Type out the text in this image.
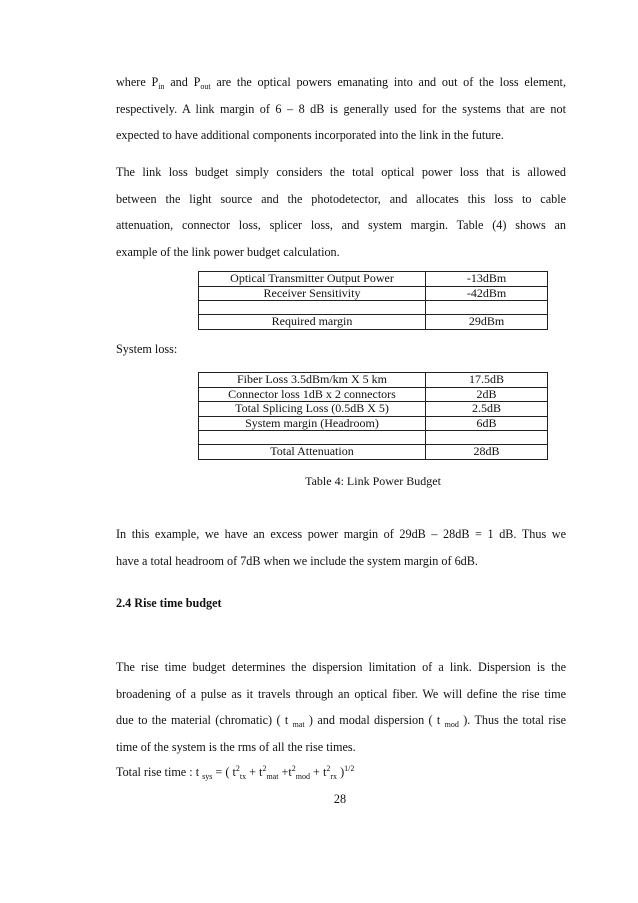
where $P_{in}$ and $P_{out}$ are the optical powers emanating into and out of the loss element,
respectively. A link margin of 6 – 8 dB is generally used for the systems that are not
expected to have additional components incorporated into the link in the future.
The link loss budget simply considers the total optical power loss that is allowed
between the light source and the photodetector, and allocates this loss to cable
attenuation, connector loss, splicer loss, and system margin. Table (4) shows an
example of the link power budget calculation.
Optical Transmitter Output Power	-13dBm
Receiver Sensitivity	-42dBm

Required margin	29dBm
System loss:
Fiber Loss 3.5dBm/km X 5 km	17.5dB
Connector loss 1dB x 2 connectors	2dB
Total Splicing Loss (0.5dB X 5)	2.5dB
System margin (Headroom)	6dB

Total Attenuation	28dB
Table 4: Link Power Budget
In this example, we have an excess power margin of 29dB – 28dB = 1 dB. Thus we
have a total headroom of 7dB when we include the system margin of 6dB.
2.4 Rise time budget
The rise time budget determines the dispersion limitation of a link. Dispersion is the
broadening of a pulse as it travels through an optical fiber. We will define the rise time
due to the material (chromatic) ( t $_{mat}$ ) and modal dispersion ( t $_{mod}$ ). Thus the total rise
time of the system is the rms of all the rise times.
Total rise time : t $_{sys}$ = ( $t^2_{tx} + t^2_{mat} +t^2_{mod} + t^2_{rx}$ )$^{1/2}$
28
